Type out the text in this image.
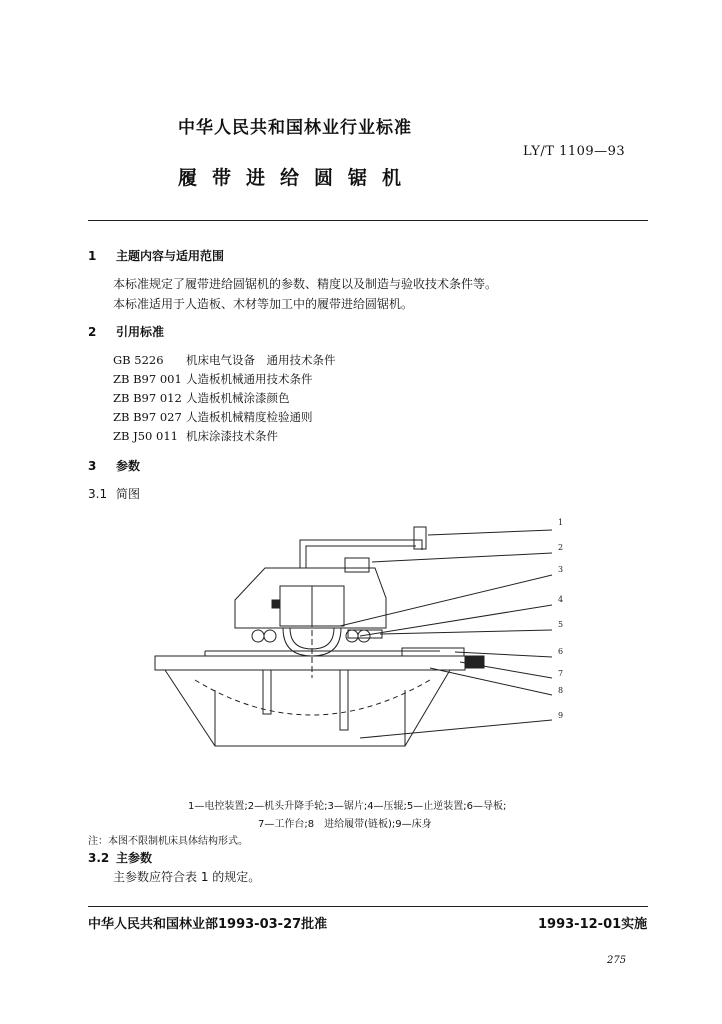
中华人民共和国林业行业标准
LY/T 1109—93
履带进给圆锯机
1 主题内容与适用范围
本标准规定了履带进给圆锯机的参数、精度以及制造与验收技术条件等。
本标准适用于人造板、木材等加工中的履带进给圆锯机。
2 引用标准
GB 5226 机床电气设备　通用技术条件
ZB B97 001 人造板机械通用技术条件
ZB B97 012 人造板机械涂漆颜色
ZB B97 027 人造板机械精度检验通则
ZB J50 011 机床涂漆技术条件
3 参数
3.1 简图
1
2
3
4
5
6
7
8
9
1—电控装置;2—机头升降手轮;3—锯片;4—压辊;5—止逆装置;6—导板;
7—工作台;8　进给履带(链板);9—床身
注：本图不限制机床具体结构形式。
3.2 主参数
主参数应符合表 1 的规定。
中华人民共和国林业部1993-03-27批准	1993-12-01实施
275
